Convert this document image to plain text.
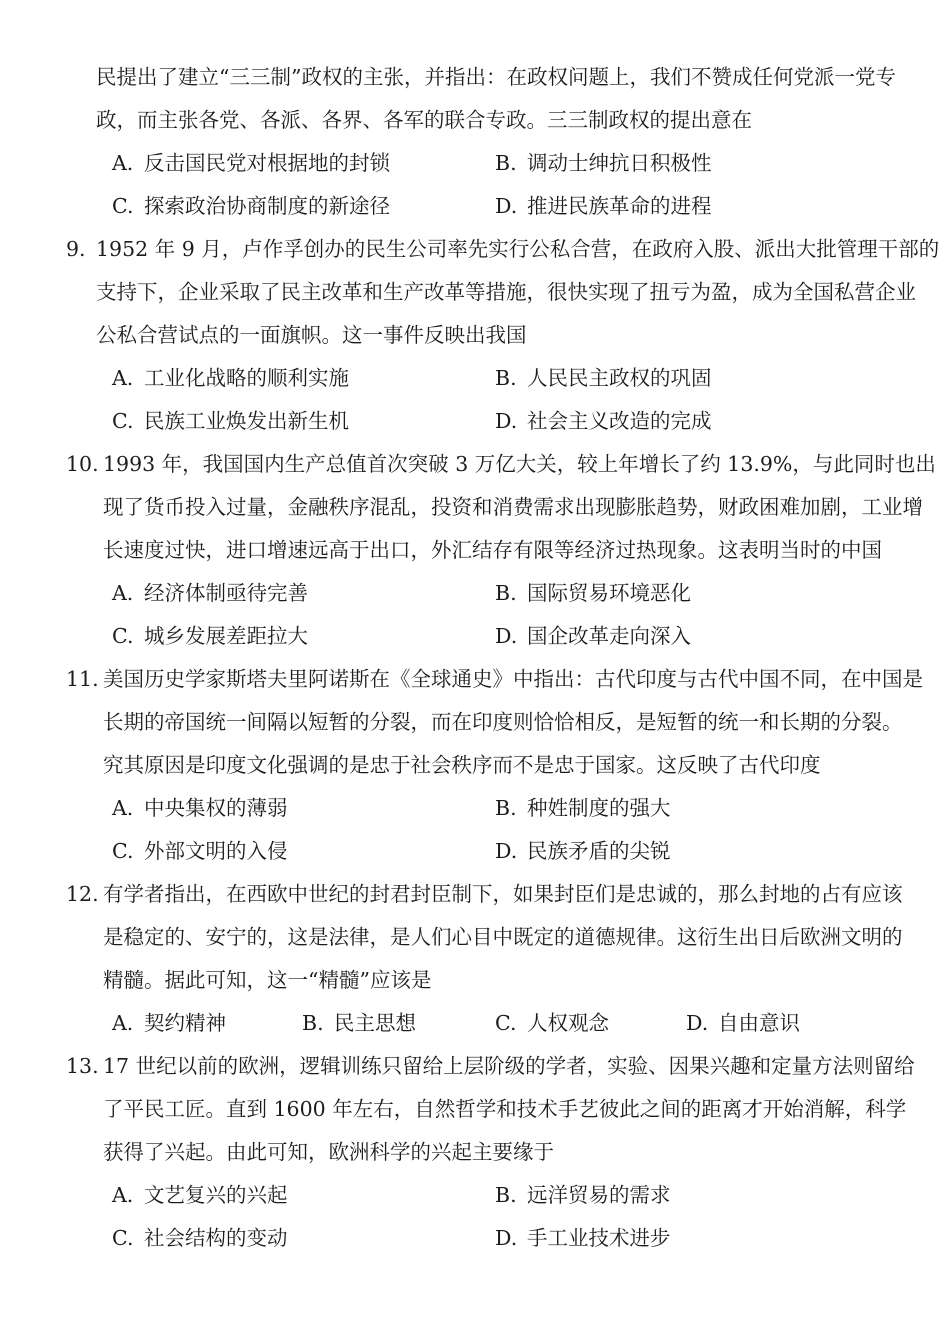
民提出了建立“三三制”政权的主张，并指出：在政权问题上，我们不赞成任何党派一党专
政，而主张各党、各派、各界、各军的联合专政。三三制政权的提出意在
A. 反击国民党对根据地的封锁	B. 调动士绅抗日积极性
C. 探索政治协商制度的新途径	D. 推进民族革命的进程
9. 1952 年 9 月，卢作孚创办的民生公司率先实行公私合营，在政府入股、派出大批管理干部的
支持下，企业采取了民主改革和生产改革等措施，很快实现了扭亏为盈，成为全国私营企业
公私合营试点的一面旗帜。这一事件反映出我国
A. 工业化战略的顺利实施	B. 人民民主政权的巩固
C. 民族工业焕发出新生机	D. 社会主义改造的完成
10. 1993 年，我国国内生产总值首次突破 3 万亿大关，较上年增长了约 13.9%，与此同时也出
现了货币投入过量，金融秩序混乱，投资和消费需求出现膨胀趋势，财政困难加剧，工业增
长速度过快，进口增速远高于出口，外汇结存有限等经济过热现象。这表明当时的中国
A. 经济体制亟待完善	B. 国际贸易环境恶化
C. 城乡发展差距拉大	D. 国企改革走向深入
11. 美国历史学家斯塔夫里阿诺斯在《全球通史》中指出：古代印度与古代中国不同，在中国是
长期的帝国统一间隔以短暂的分裂，而在印度则恰恰相反，是短暂的统一和长期的分裂。
究其原因是印度文化强调的是忠于社会秩序而不是忠于国家。这反映了古代印度
A. 中央集权的薄弱	B. 种姓制度的强大
C. 外部文明的入侵	D. 民族矛盾的尖锐
12. 有学者指出，在西欧中世纪的封君封臣制下，如果封臣们是忠诚的，那么封地的占有应该
是稳定的、安宁的，这是法律，是人们心目中既定的道德规律。这衍生出日后欧洲文明的
精髓。据此可知，这一“精髓”应该是
A. 契约精神	B. 民主思想	C. 人权观念	D. 自由意识
13. 17 世纪以前的欧洲，逻辑训练只留给上层阶级的学者，实验、因果兴趣和定量方法则留给
了平民工匠。直到 1600 年左右，自然哲学和技术手艺彼此之间的距离才开始消解，科学
获得了兴起。由此可知，欧洲科学的兴起主要缘于
A. 文艺复兴的兴起	B. 远洋贸易的需求
C. 社会结构的变动	D. 手工业技术进步
